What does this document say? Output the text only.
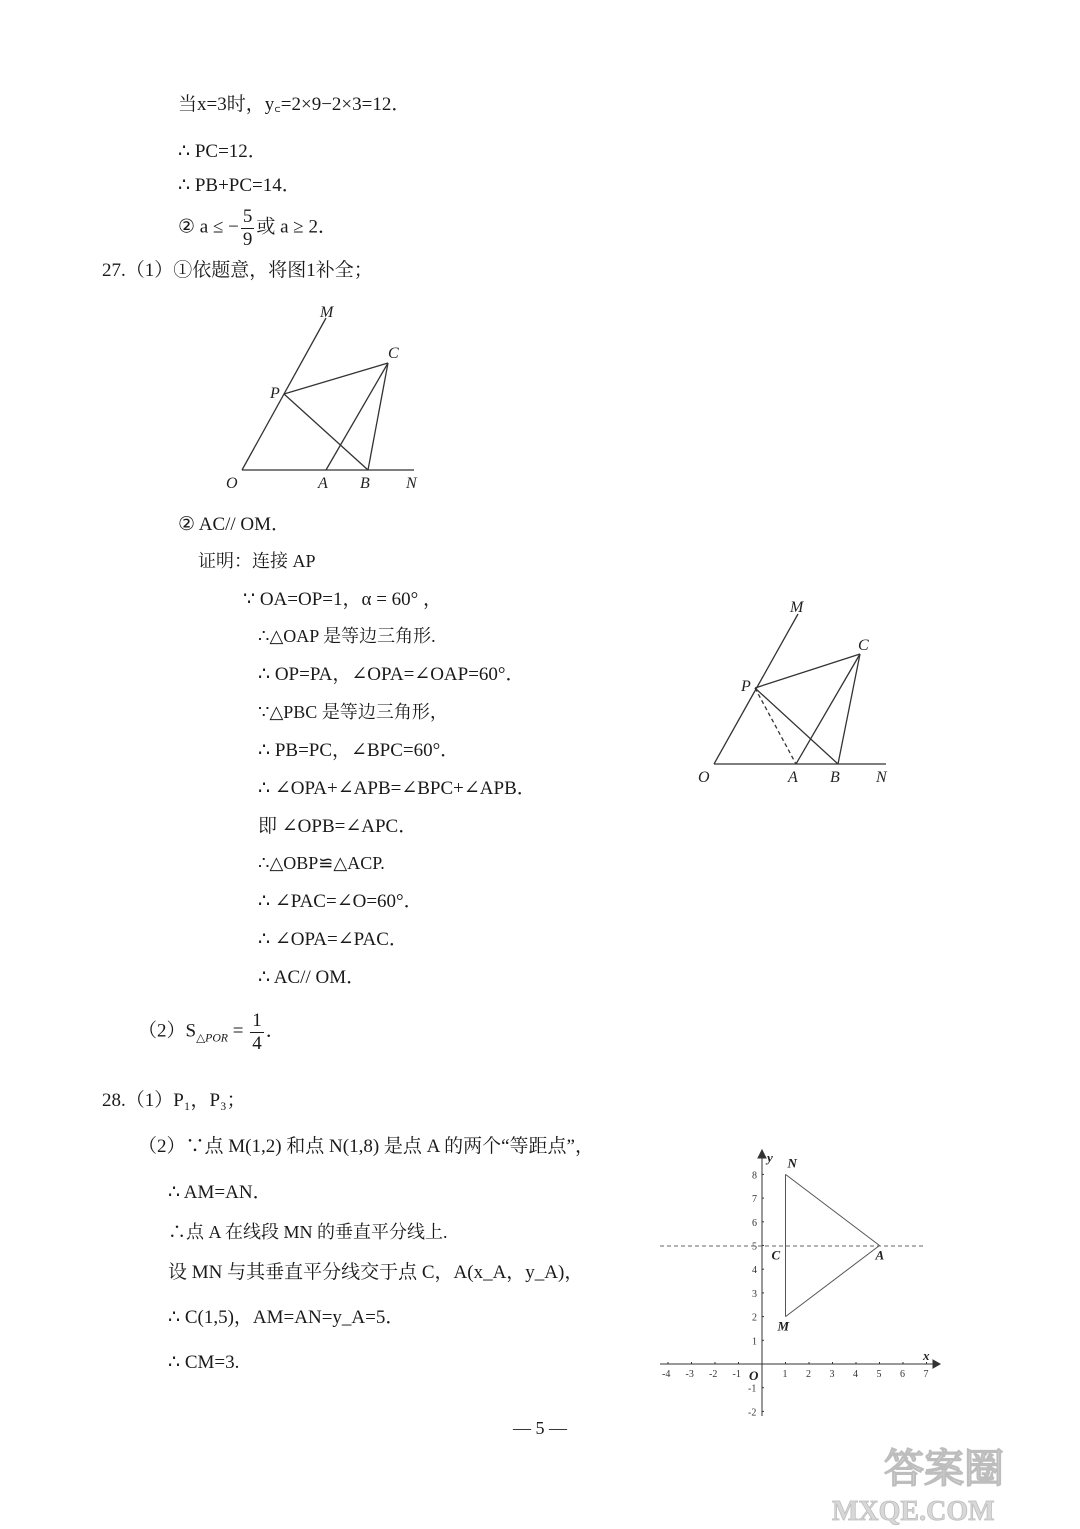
当x=3时，y꜀=2×9−2×3=12．
∴ PC=12．
∴ PB+PC=14．
② a ≤ − $\frac{5}{9}$ 或 a ≥ 2．
27.（1）①依题意，将图1补全；
M
C
P
O	A B N
② AC// OM．
证明：连接 AP
∵ OA=OP=1，α = 60° ，
∴△OAP 是等边三角形.
∴ OP=PA，∠OPA=∠OAP=60°．
∵△PBC 是等边三角形，
∴ PB=PC，∠BPC=60°．
∴ ∠OPA+∠APB=∠BPC+∠APB．
即 ∠OPB=∠APC．
∴△OBP≌△ACP.
∴ ∠PAC=∠O=60°．
∴ ∠OPA=∠PAC．
∴ AC// OM．
M
C
P
O	A B N
$(2)S_{\triangle POR} = \frac{1}{4}$ ．
28.（1）P₁，P₃；
（2）∵点 M(1,2) 和点 N(1,8) 是点 A 的两个“等距点”，
∴ AM=AN．
∴点 A 在线段 MN 的垂直平分线上.
设 MN 与其垂直平分线交于点 C，A(x_A，y_A)，
∴ C(1,5)，AM=AN=y_A=5．
∴ CM=3.
N
M
C	A
-4 -3 -2 -1	1 2 3 4 5 6 7
8
7
6
5
4
3
2
1
-1
-2
x
y
O
— 5 —
答案圈
MXQE.COM
